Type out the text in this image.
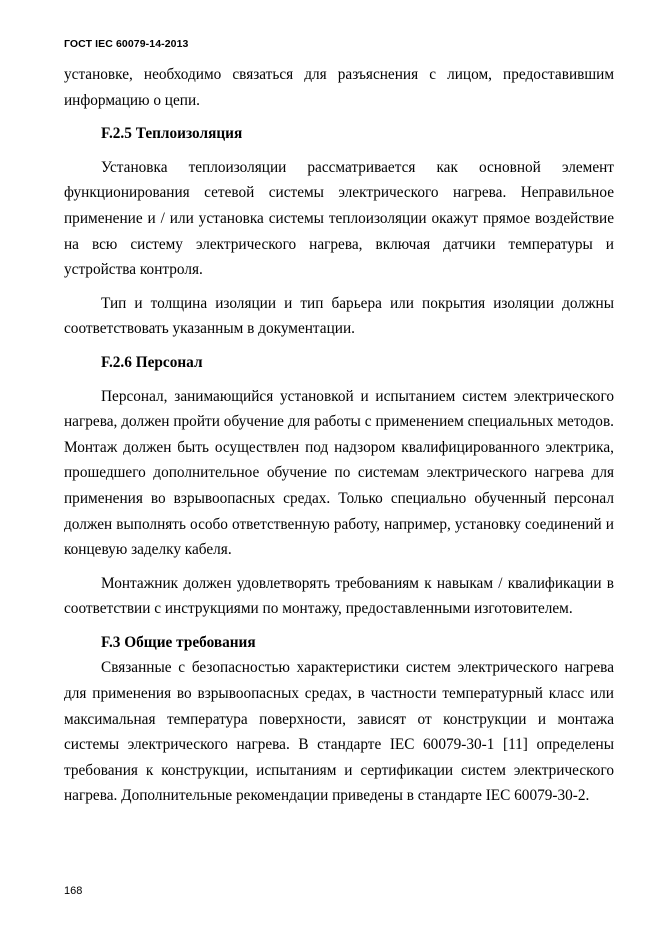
ГОСТ IEC 60079-14-2013

установке, необходимо связаться для разъяснения с лицом, предоставившим информацию о цепи.

F.2.5 Теплоизоляция

Установка теплоизоляции рассматривается как основной элемент функционирования сетевой системы электрического нагрева. Неправильное применение и / или установка системы теплоизоляции окажут прямое воздействие на всю систему электрического нагрева, включая датчики температуры и устройства контроля.

Тип и толщина изоляции и тип барьера или покрытия изоляции должны соответствовать указанным в документации.

F.2.6 Персонал

Персонал, занимающийся установкой и испытанием систем электрического нагрева, должен пройти обучение для работы с применением специальных методов. Монтаж должен быть осуществлен под надзором квалифицированного электрика, прошедшего дополнительное обучение по системам электрического нагрева для применения во взрывоопасных средах. Только специально обученный персонал должен выполнять особо ответственную работу, например, установку соединений и концевую заделку кабеля.

Монтажник должен удовлетворять требованиям к навыкам / квалификации в соответствии с инструкциями по монтажу, предоставленными изготовителем.

F.3 Общие требования

Связанные с безопасностью характеристики систем электрического нагрева для применения во взрывоопасных средах, в частности температурный класс или максимальная температура поверхности, зависят от конструкции и монтажа системы электрического нагрева. В стандарте IEC 60079-30-1 [11] определены требования к конструкции, испытаниям и сертификации систем электрического нагрева. Дополнительные рекомендации приведены в стандарте IEC 60079-30-2.

168
